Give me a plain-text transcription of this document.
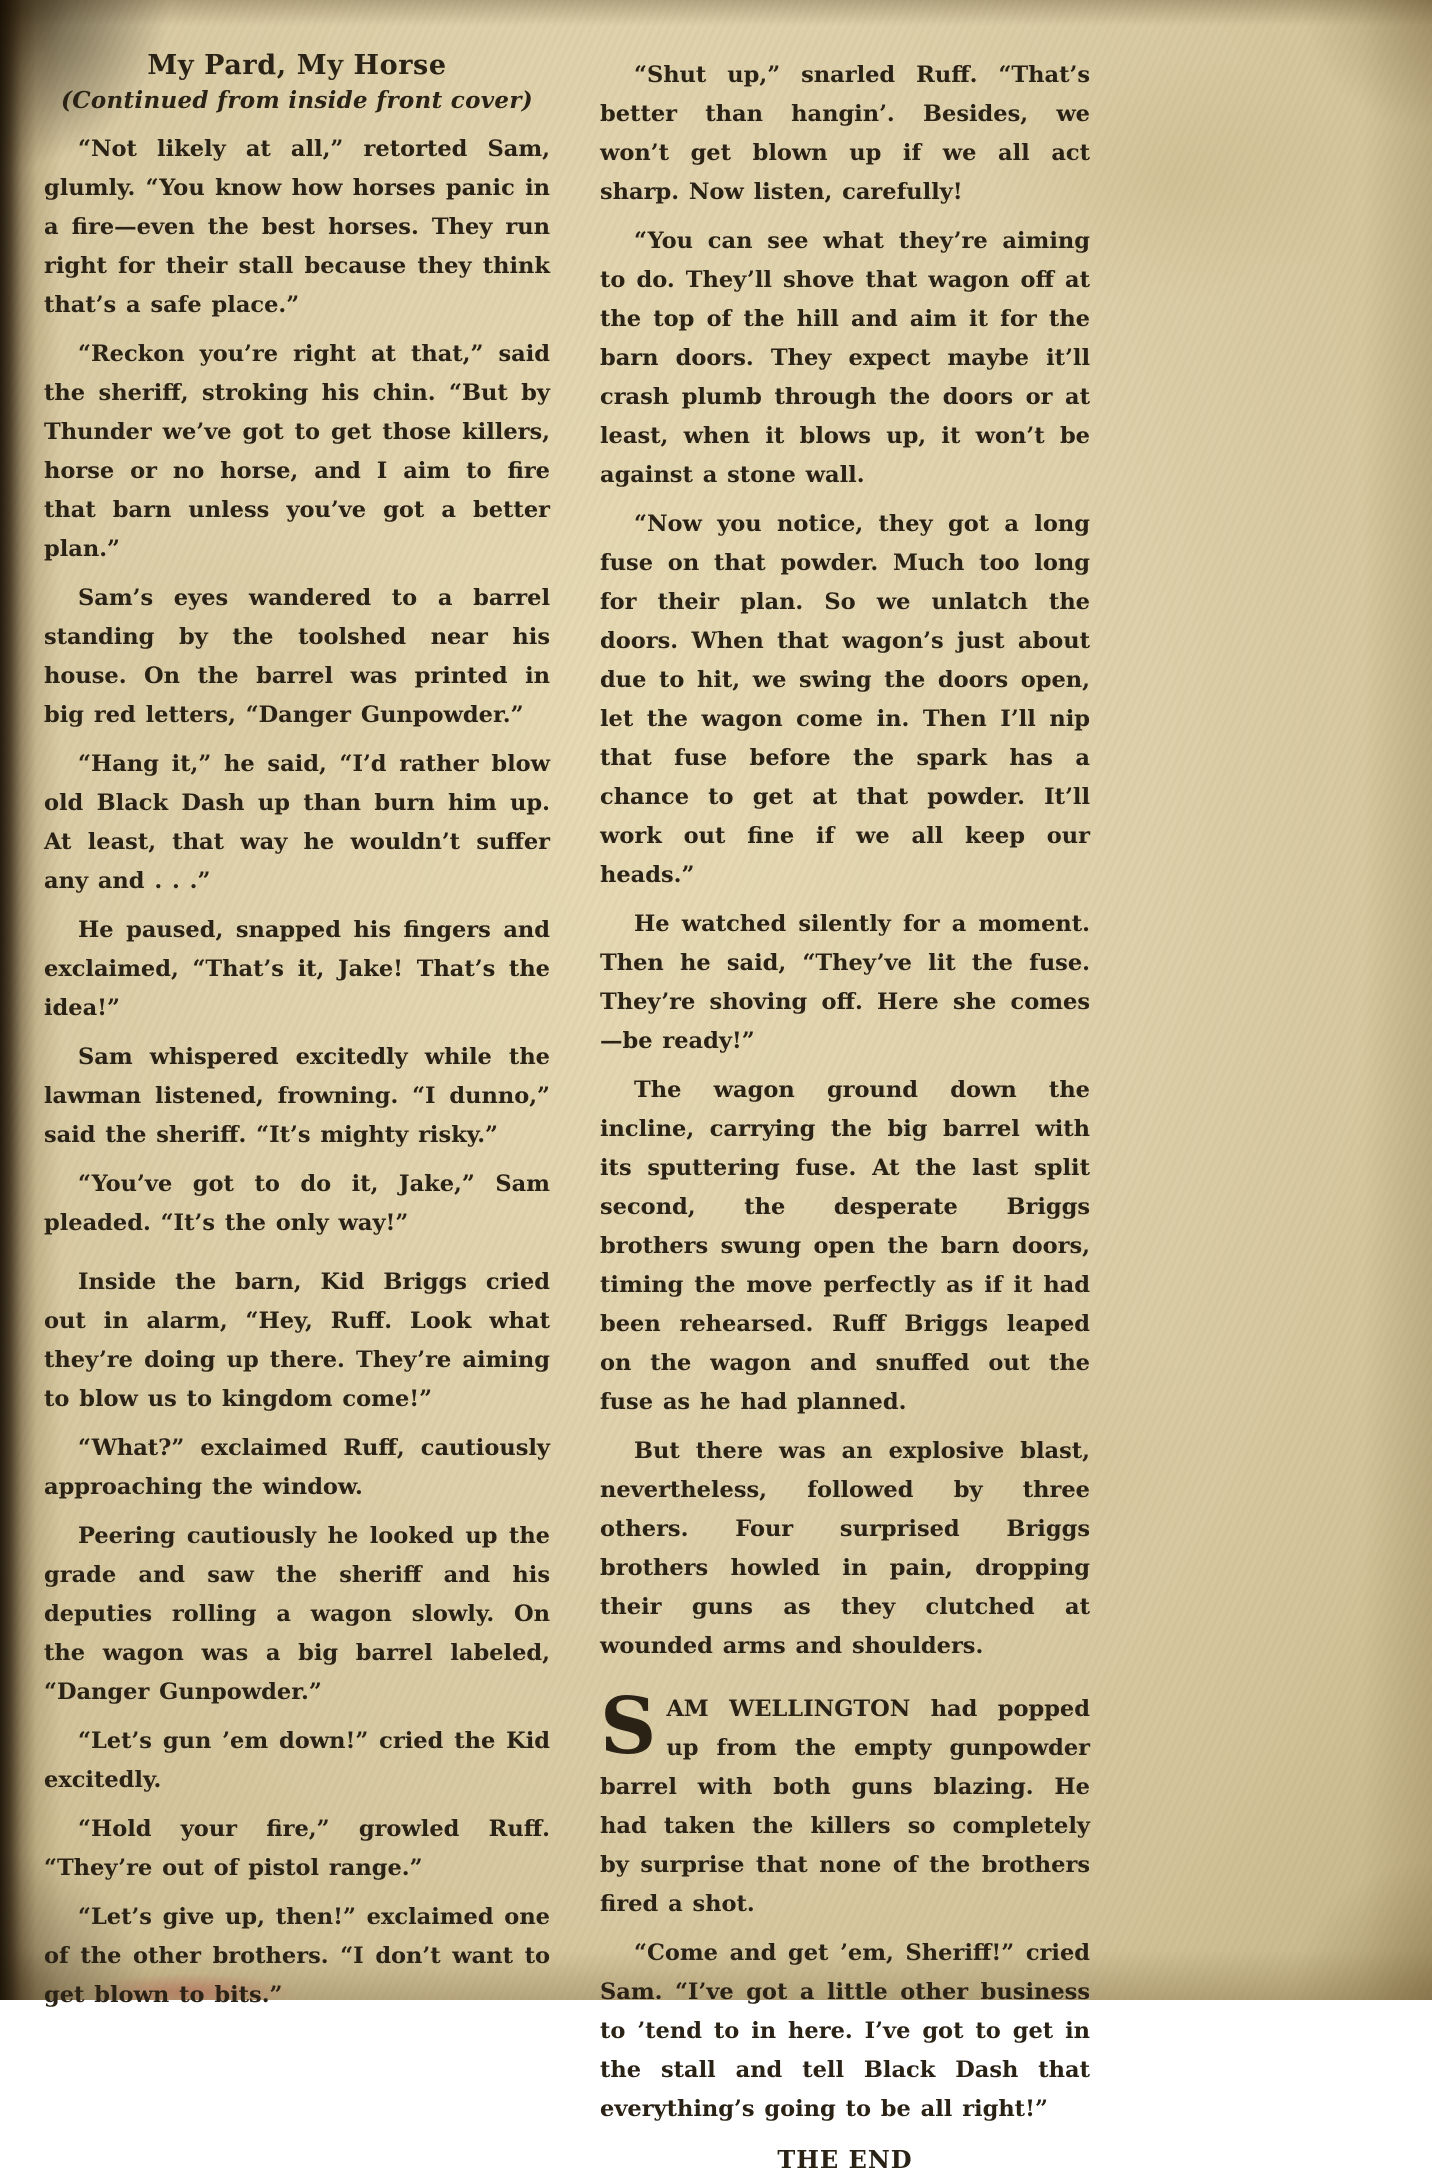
My Pard, My Horse
(Continued from inside front cover)

“Not likely at all,” retorted Sam, glumly. “You know how horses panic in a fire—even the best horses. They run right for their stall because they think that’s a safe place.”

“Reckon you’re right at that,” said the sheriff, stroking his chin. “But by Thunder we’ve got to get those killers, horse or no horse, and I aim to fire that barn unless you’ve got a better plan.”

Sam’s eyes wandered to a barrel standing by the toolshed near his house. On the barrel was printed in big red letters, “Danger Gunpowder.”

“Hang it,” he said, “I’d rather blow old Black Dash up than burn him up. At least, that way he wouldn’t suffer any and . . .”

He paused, snapped his fingers and exclaimed, “That’s it, Jake! That’s the idea!”

Sam whispered excitedly while the lawman listened, frowning. “I dunno,” said the sheriff. “It’s mighty risky.”

“You’ve got to do it, Jake,” Sam pleaded. “It’s the only way!”

Inside the barn, Kid Briggs cried out in alarm, “Hey, Ruff. Look what they’re doing up there. They’re aiming to blow us to kingdom come!”

“What?” exclaimed Ruff, cautiously approaching the window.

Peering cautiously he looked up the grade and saw the sheriff and his deputies rolling a wagon slowly. On the wagon was a big barrel labeled, “Danger Gunpowder.”

“Let’s gun ’em down!” cried the Kid excitedly.

“Hold your fire,” growled Ruff. “They’re out of pistol range.”

“Let’s give up, then!” exclaimed one of the other brothers. “I don’t want to get blown to bits.”

“Shut up,” snarled Ruff. “That’s better than hangin’. Besides, we won’t get blown up if we all act sharp. Now listen, carefully!

“You can see what they’re aiming to do. They’ll shove that wagon off at the top of the hill and aim it for the barn doors. They expect maybe it’ll crash plumb through the doors or at least, when it blows up, it won’t be against a stone wall.

“Now you notice, they got a long fuse on that powder. Much too long for their plan. So we unlatch the doors. When that wagon’s just about due to hit, we swing the doors open, let the wagon come in. Then I’ll nip that fuse before the spark has a chance to get at that powder. It’ll work out fine if we all keep our heads.”

He watched silently for a moment. Then he said, “They’ve lit the fuse. They’re shoving off. Here she comes—be ready!”

The wagon ground down the incline, carrying the big barrel with its sputtering fuse. At the last split second, the desperate Briggs brothers swung open the barn doors, timing the move perfectly as if it had been rehearsed. Ruff Briggs leaped on the wagon and snuffed out the fuse as he had planned.

But there was an explosive blast, nevertheless, followed by three others. Four surprised Briggs brothers howled in pain, dropping their guns as they clutched at wounded arms and shoulders.

SAM WELLINGTON had popped up from the empty gunpowder barrel with both guns blazing. He had taken the killers so completely by surprise that none of the brothers fired a shot.

“Come and get ’em, Sheriff!” cried Sam. “I’ve got a little other business to ’tend to in here. I’ve got to get in the stall and tell Black Dash that everything’s going to be all right!”

THE END
